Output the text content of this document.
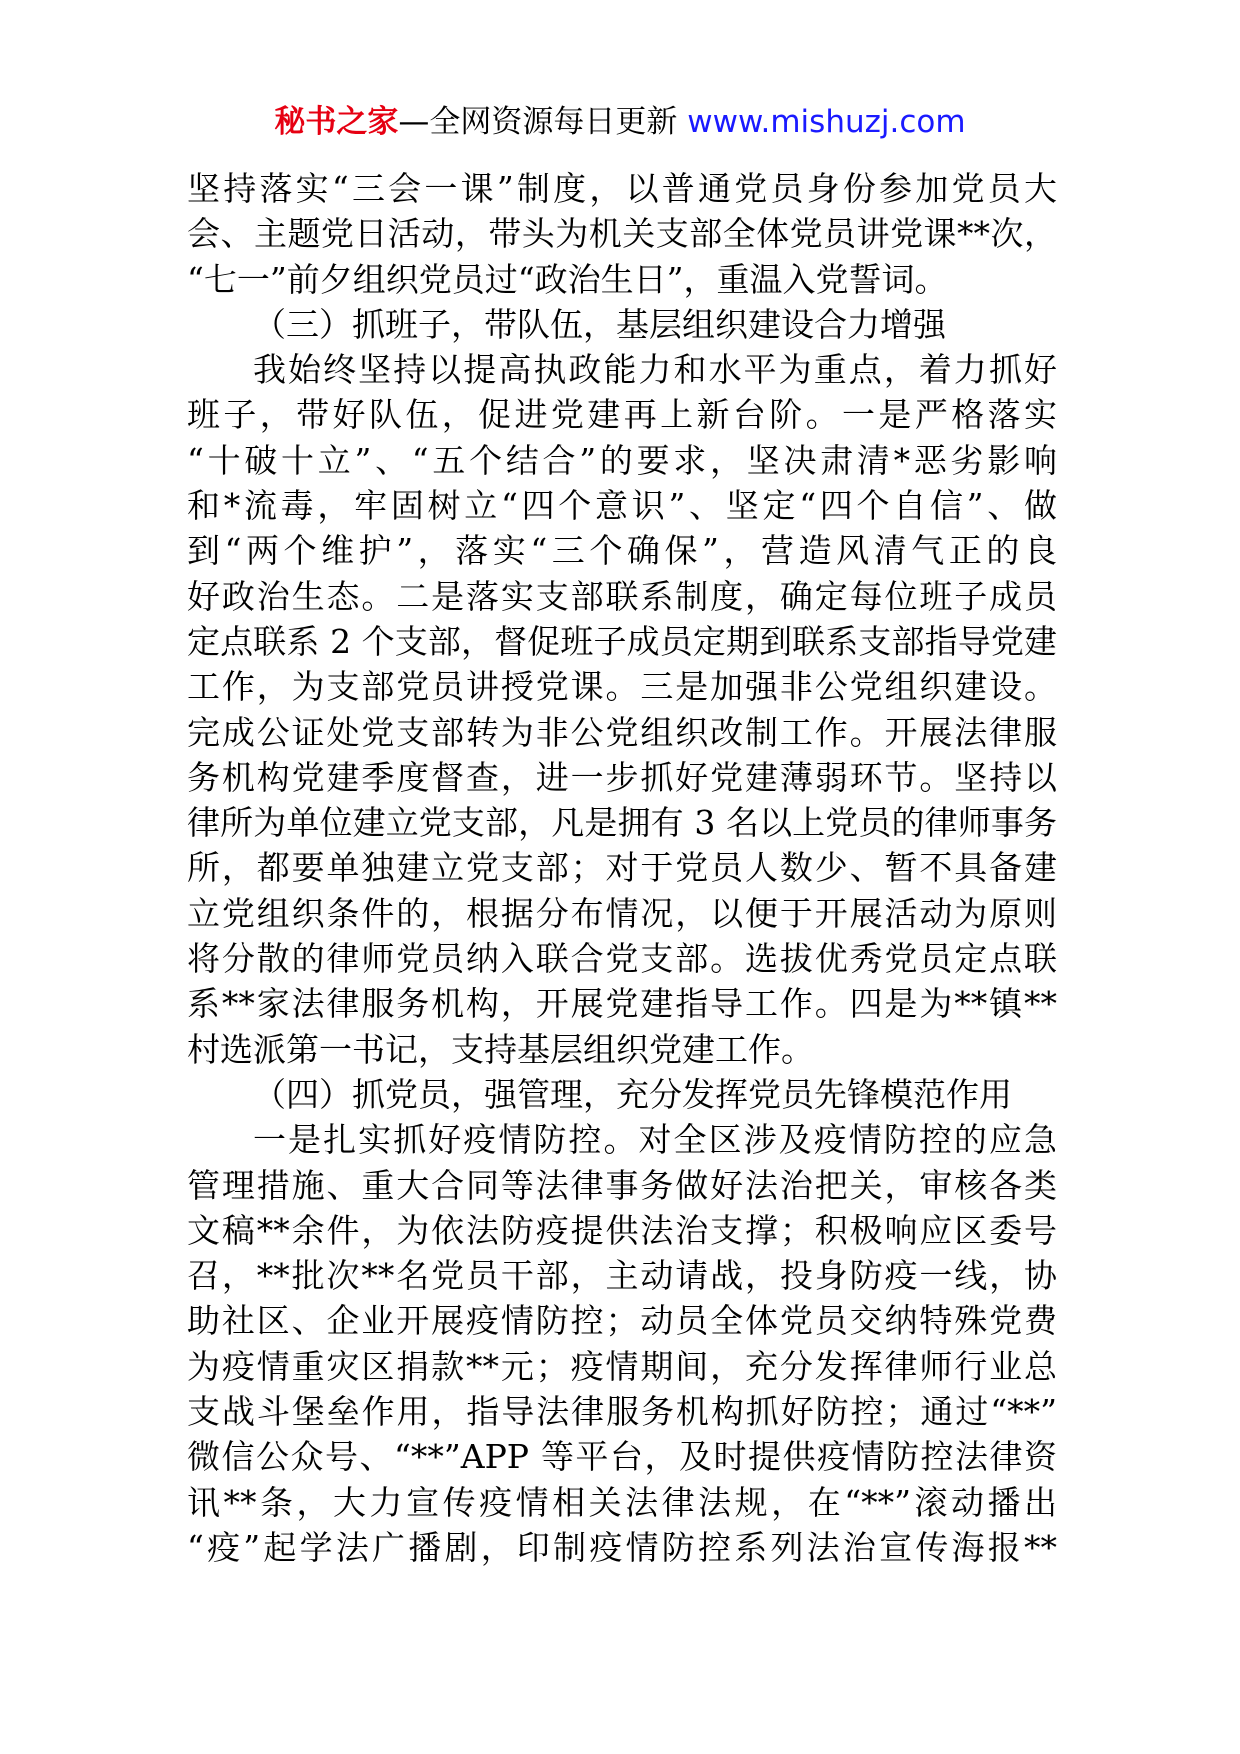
秘书之家—全网资源每日更新 www.mishuzj.com
坚持落实“三会一课”制度，以普通党员身份参加党员大
会、主题党日活动，带头为机关支部全体党员讲党课**次，
“七一”前夕组织党员过“政治生日”，重温入党誓词。
（三）抓班子，带队伍，基层组织建设合力增强
我始终坚持以提高执政能力和水平为重点，着力抓好
班子，带好队伍，促进党建再上新台阶。一是严格落实
“十破十立”、“五个结合”的要求，坚决肃清*恶劣影响
和*流毒，牢固树立“四个意识”、坚定“四个自信”、做
到“两个维护”，落实“三个确保”，营造风清气正的良
好政治生态。二是落实支部联系制度，确定每位班子成员
定点联系 2 个支部，督促班子成员定期到联系支部指导党建
工作，为支部党员讲授党课。三是加强非公党组织建设。
完成公证处党支部转为非公党组织改制工作。开展法律服
务机构党建季度督查，进一步抓好党建薄弱环节。坚持以
律所为单位建立党支部，凡是拥有 3 名以上党员的律师事务
所，都要单独建立党支部；对于党员人数少、暂不具备建
立党组织条件的，根据分布情况，以便于开展活动为原则
将分散的律师党员纳入联合党支部。选拔优秀党员定点联
系**家法律服务机构，开展党建指导工作。四是为**镇**
村选派第一书记，支持基层组织党建工作。
（四）抓党员，强管理，充分发挥党员先锋模范作用
一是扎实抓好疫情防控。对全区涉及疫情防控的应急
管理措施、重大合同等法律事务做好法治把关，审核各类
文稿**余件，为依法防疫提供法治支撑；积极响应区委号
召，**批次**名党员干部，主动请战，投身防疫一线，协
助社区、企业开展疫情防控；动员全体党员交纳特殊党费
为疫情重灾区捐款**元；疫情期间，充分发挥律师行业总
支战斗堡垒作用，指导法律服务机构抓好防控；通过“**”
微信公众号、“**”APP 等平台，及时提供疫情防控法律资
讯**条，大力宣传疫情相关法律法规，在“**”滚动播出
“疫”起学法广播剧，印制疫情防控系列法治宣传海报**
